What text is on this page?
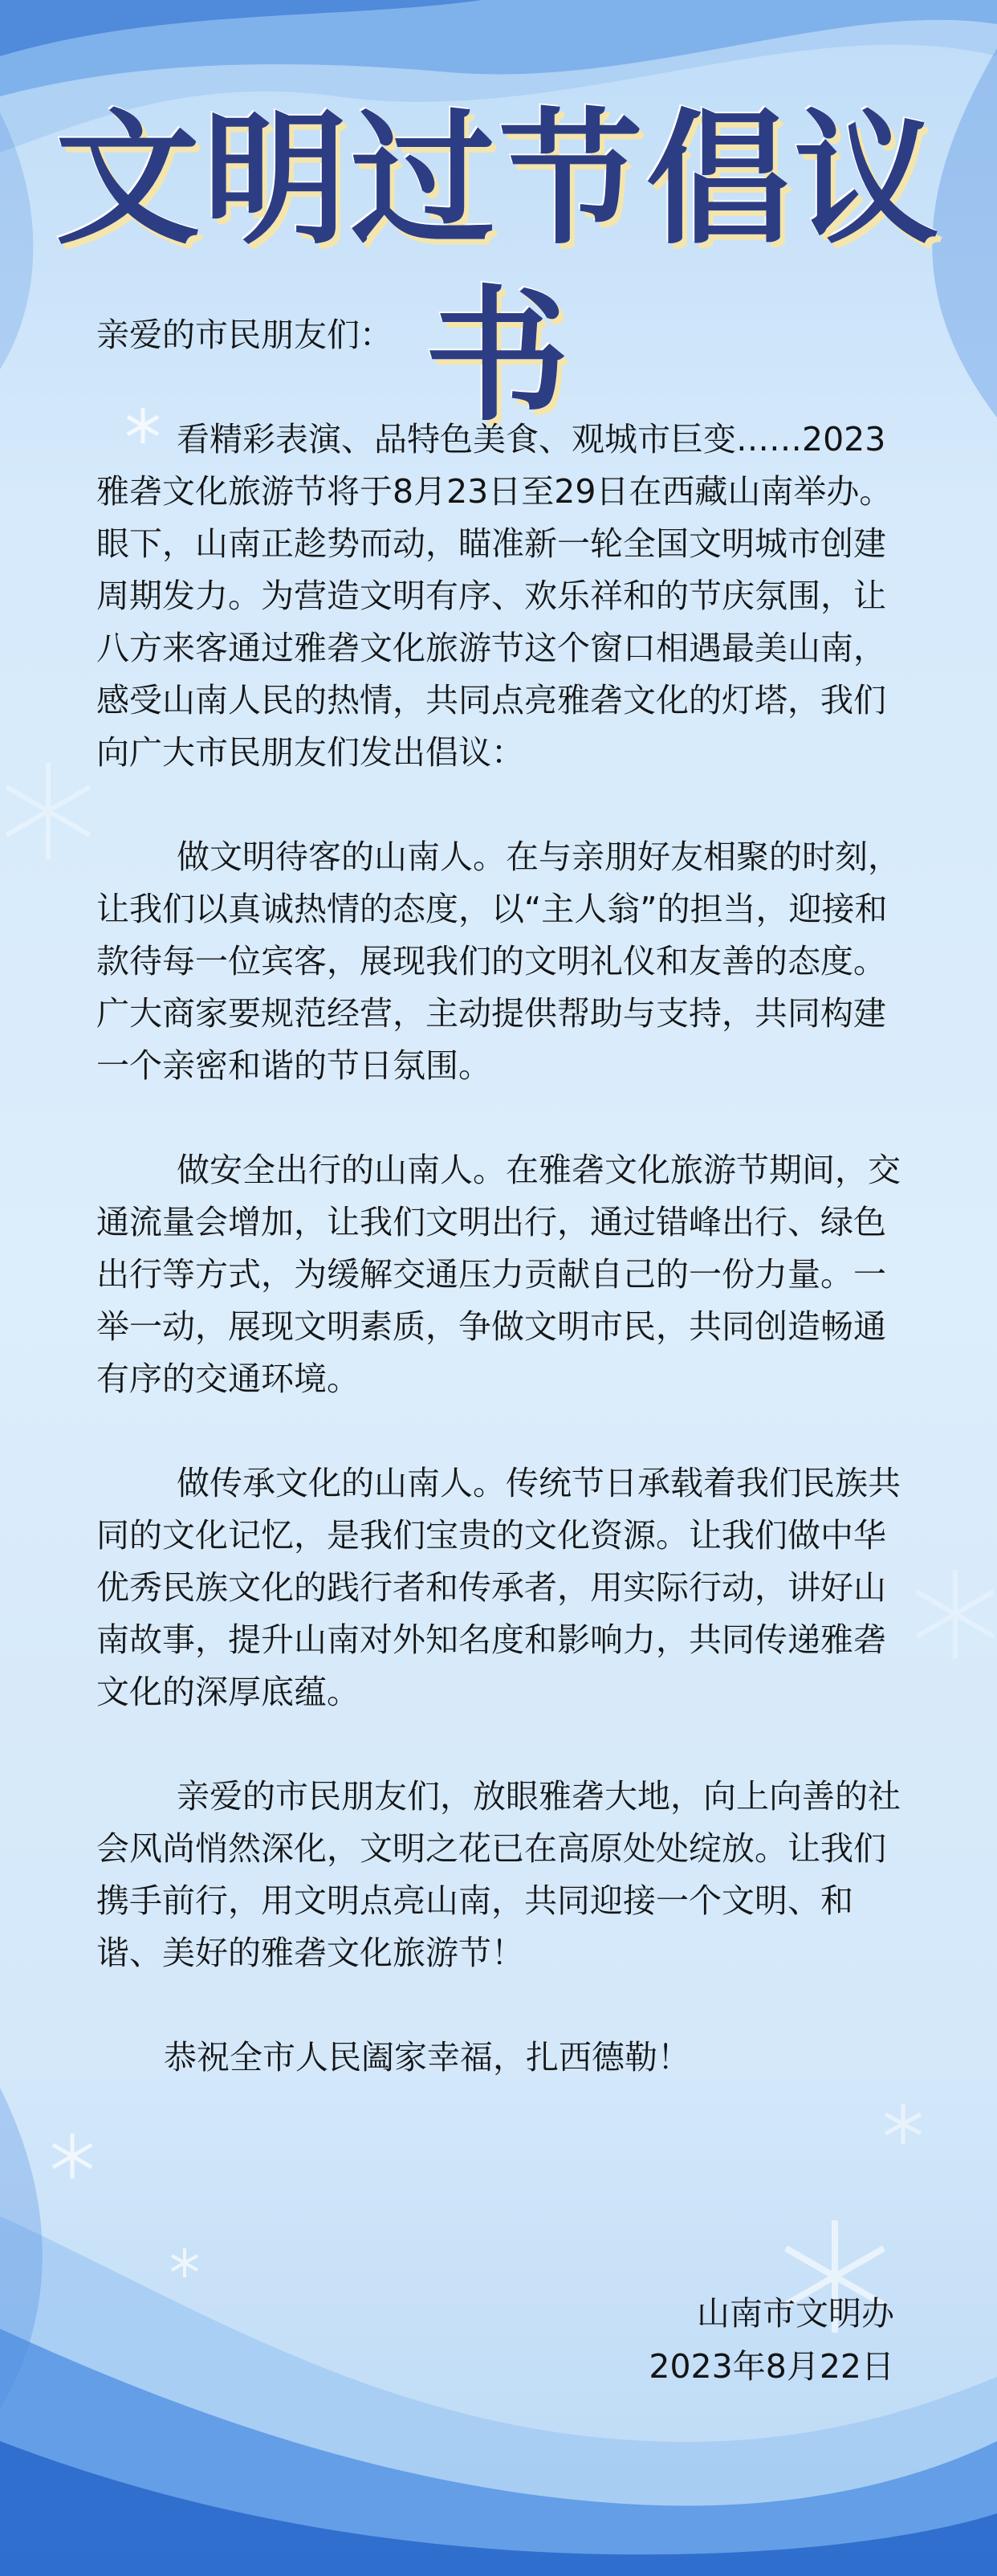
文明过节倡议书

亲爱的市民朋友们：

看精彩表演、品特色美食、观城市巨变……2023雅砻文化旅游节将于8月23日至29日在西藏山南举办。眼下，山南正趁势而动，瞄准新一轮全国文明城市创建周期发力。为营造文明有序、欢乐祥和的节庆氛围，让八方来客通过雅砻文化旅游节这个窗口相遇最美山南，感受山南人民的热情，共同点亮雅砻文化的灯塔，我们向广大市民朋友们发出倡议：

做文明待客的山南人。在与亲朋好友相聚的时刻，让我们以真诚热情的态度，以“主人翁”的担当，迎接和款待每一位宾客，展现我们的文明礼仪和友善的态度。广大商家要规范经营，主动提供帮助与支持，共同构建一个亲密和谐的节日氛围。

做安全出行的山南人。在雅砻文化旅游节期间，交通流量会增加，让我们文明出行，通过错峰出行、绿色出行等方式，为缓解交通压力贡献自己的一份力量。一举一动，展现文明素质，争做文明市民，共同创造畅通有序的交通环境。

做传承文化的山南人。传统节日承载着我们民族共同的文化记忆，是我们宝贵的文化资源。让我们做中华优秀民族文化的践行者和传承者，用实际行动，讲好山南故事，提升山南对外知名度和影响力，共同传递雅砻文化的深厚底蕴。

亲爱的市民朋友们，放眼雅砻大地，向上向善的社会风尚悄然深化，文明之花已在高原处处绽放。让我们携手前行，用文明点亮山南，共同迎接一个文明、和谐、美好的雅砻文化旅游节！

恭祝全市人民阖家幸福，扎西德勒！

山南市文明办

2023年8月22日
